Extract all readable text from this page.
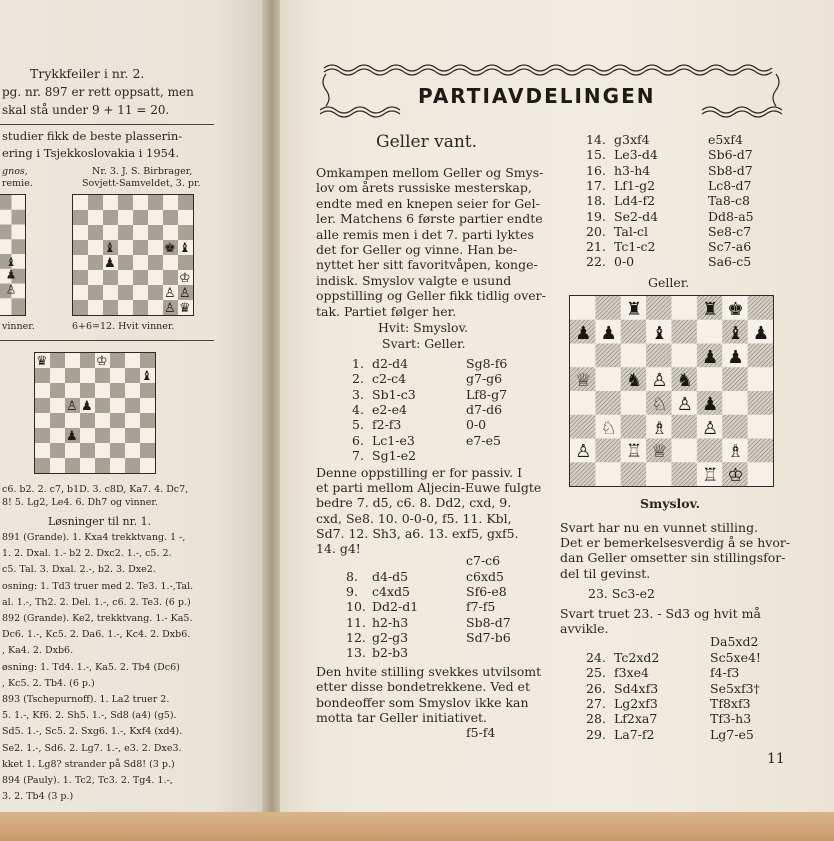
Trykkfeiler i nr. 2.
pg. nr. 897 er rett oppsatt, men
skal stå under 9 + 11 = 20.
studier fikk de beste plasserin-
ering i Tsjekkoslovakia i 1954.
gnos,
remie.
Nr. 3. J. S. Birbrager,
Sovjett-Samveldet, 3. pr.
♝
♟
♙
♝	♚ ♝
♟
♔
♙ ♙
♙ ♛
vinner.	6+6=12. Hvit vinner.
♛	♔
♝
♙ ♟
♟
c6. b2. 2. c7, b1D. 3. c8D, Ka7. 4. Dc7,
8! 5. Lg2, Le4. 6. Dh7 og vinner.
Løsninger til nr. 1.
891 (Grande). 1. Kxa4 trekktvang. 1 -,
1. 2. Dxal. 1.- b2 2. Dxc2. 1.-, c5. 2.
c5. Tal. 3. Dxal. 2.-, b2. 3. Dxe2.
osning: 1. Td3 truer med 2. Te3. 1.-,Tal.
al. 1.-, Th2. 2. Del. 1.-, c6. 2. Te3. (6 p.)
892 (Grande). Ke2, trekktvang. 1.- Ka5.
Dc6. 1.-, Kc5. 2. Da6. 1.-, Kc4. 2. Dxb6.
, Ka4. 2. Dxb6.
øsning: 1. Td4. 1.-, Ka5. 2. Tb4 (Dc6)
, Kc5. 2. Tb4. (6 p.)
893 (Tschepurnoff). 1. La2 truer 2.
5. 1.-, Kf6. 2. Sh5. 1.-, Sd8 (a4) (g5).
Sd5. 1.-, Sc5. 2. Sxg6. 1.-, Kxf4 (xd4).
Se2. 1.-, Sd6. 2. Lg7. 1.-, e3. 2. Dxe3.
kket 1. Lg8? strander på Sd8! (3 p.)
894 (Pauly). 1. Tc2, Tc3. 2. Tg4. 1.-,
3. 2. Tb4 (3 p.)
PARTIAVDELINGEN
Geller vant.
Omkampen mellom Geller og Smys-
lov om årets russiske mesterskap,
endte med en knepen seier for Gel-
ler. Matchens 6 første partier endte
alle remis men i det 7. parti lyktes
det for Geller og vinne. Han be-
nyttet her sitt favoritvåpen, konge-
indisk. Smyslov valgte e usund
oppstilling og Geller fikk tidlig over-
tak. Partiet følger her.
Hvit: Smyslov.
Svart: Geller.
1. d2-d4	Sg8-f6
2. c2-c4	g7-g6
3. Sb1-c3	Lf8-g7
4. e2-e4	d7-d6
5. f2-f3	0-0
6. Lc1-e3	e7-e5
7. Sg1-e2
Denne oppstilling er for passiv. I
et parti mellom Aljecin-Euwe fulgte
bedre 7. d5, c6. 8. Dd2, cxd, 9.
cxd, Se8. 10. 0-0-0, f5. 11. Kbl,
Sd7. 12. Sh3, a6. 13. exf5, gxf5.
14. g4!
c7-c6
8. d4-d5	c6xd5
9. c4xd5	Sf6-e8
10. Dd2-d1	f7-f5
11. h2-h3	Sb8-d7
12. g2-g3	Sd7-b6
13. b2-b3
Den hvite stilling svekkes utvilsomt
etter disse bondetrekkene. Ved et
bondeoffer som Smyslov ikke kan
motta tar Geller initiativet.
f5-f4
14. g3xf4	e5xf4
15. Le3-d4	Sb6-d7
16. h3-h4	Sb8-d7
17. Lf1-g2	Lc8-d7
18. Ld4-f2	Ta8-c8
19. Se2-d4	Dd8-a5
20. Tal-cl	Se8-c7
21. Tc1-c2	Sc7-a6
22. 0-0	Sa6-c5
Geller.
♜	♜ ♚
♟ ♟ ♝	♝ ♟
♟ ♟
♕ ♞ ♙ ♞
♘ ♙ ♟
♘ ♗ ♙
♙ ♖ ♕	♗
♖ ♔
Smyslov.
Svart har nu en vunnet stilling.
Det er bemerkelsesverdig å se hvor-
dan Geller omsetter sin stillingsfor-
del til gevinst.
23. Sc3-e2
Svart truet 23. - Sd3 og hvit må
avvikle.
Da5xd2
24. Tc2xd2	Sc5xe4!
25. f3xe4	f4-f3
26. Sd4xf3	Se5xf3†
27. Lg2xf3	Tf8xf3
28. Lf2xa7	Tf3-h3
29. La7-f2	Lg7-e5
11
